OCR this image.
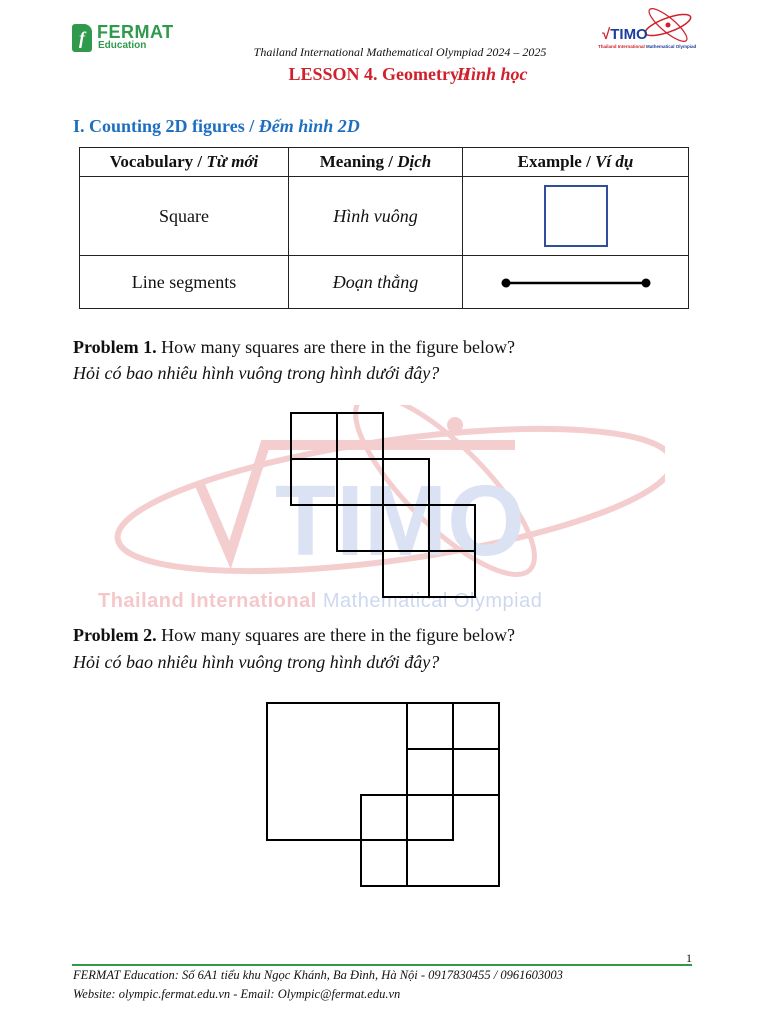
f FERMAT
Education
√TIMO
Thailand International Mathematical Olympiad
Thailand International Mathematical Olympiad 2024 – 2025
LESSON 4. Geometry / Hình học
TIMO
Thailand International Mathematical Olympiad
I. Counting 2D figures / Đếm hình 2D
Vocabulary / Từ mới	Meaning / Dịch	Example / Ví dụ
Square	Hình vuông	
Line segments	Đoạn thẳng	
Problem 1. How many squares are there in the figure below?
Hỏi có bao nhiêu hình vuông trong hình dưới đây?
Problem 2. How many squares are there in the figure below?
Hỏi có bao nhiêu hình vuông trong hình dưới đây?
1
FERMAT Education: Số 6A1 tiểu khu Ngọc Khánh, Ba Đình, Hà Nội - 0917830455 / 0961603003
Website: olympic.fermat.edu.vn - Email: Olympic@fermat.edu.vn
